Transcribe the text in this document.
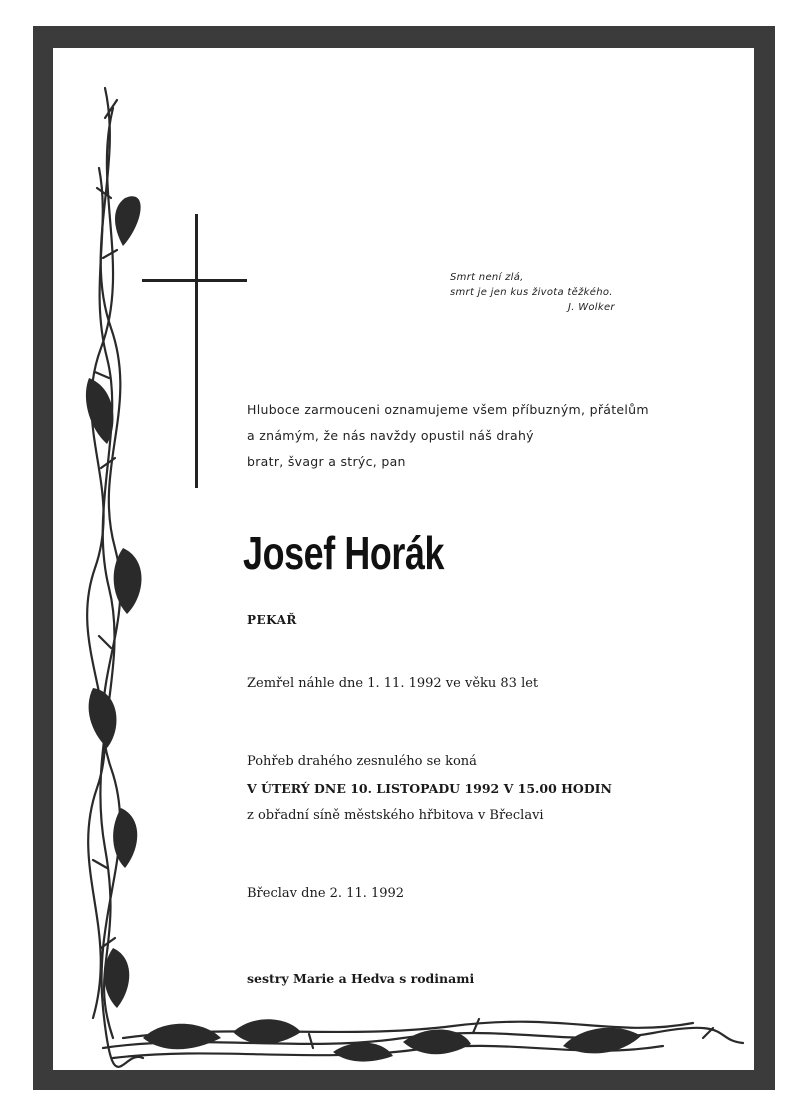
Smrt není zlá,
smrt je jen kus života těžkého.

J. Wolker
Hluboce zarmouceni oznamujeme všem příbuzným, přátelům
a známým, že nás navždy opustil náš drahý
bratr, švagr a strýc, pan
Josef Horák
PEKAŘ
Zemřel náhle dne 1. 11. 1992 ve věku 83 let
Pohřeb drahého zesnulého se koná
V ÚTERÝ DNE 10. LISTOPADU 1992 V 15.00 HODIN
z obřadní síně městského hřbitova v Břeclavi
Břeclav dne 2. 11. 1992
sestry Marie a Hedva s rodinami
